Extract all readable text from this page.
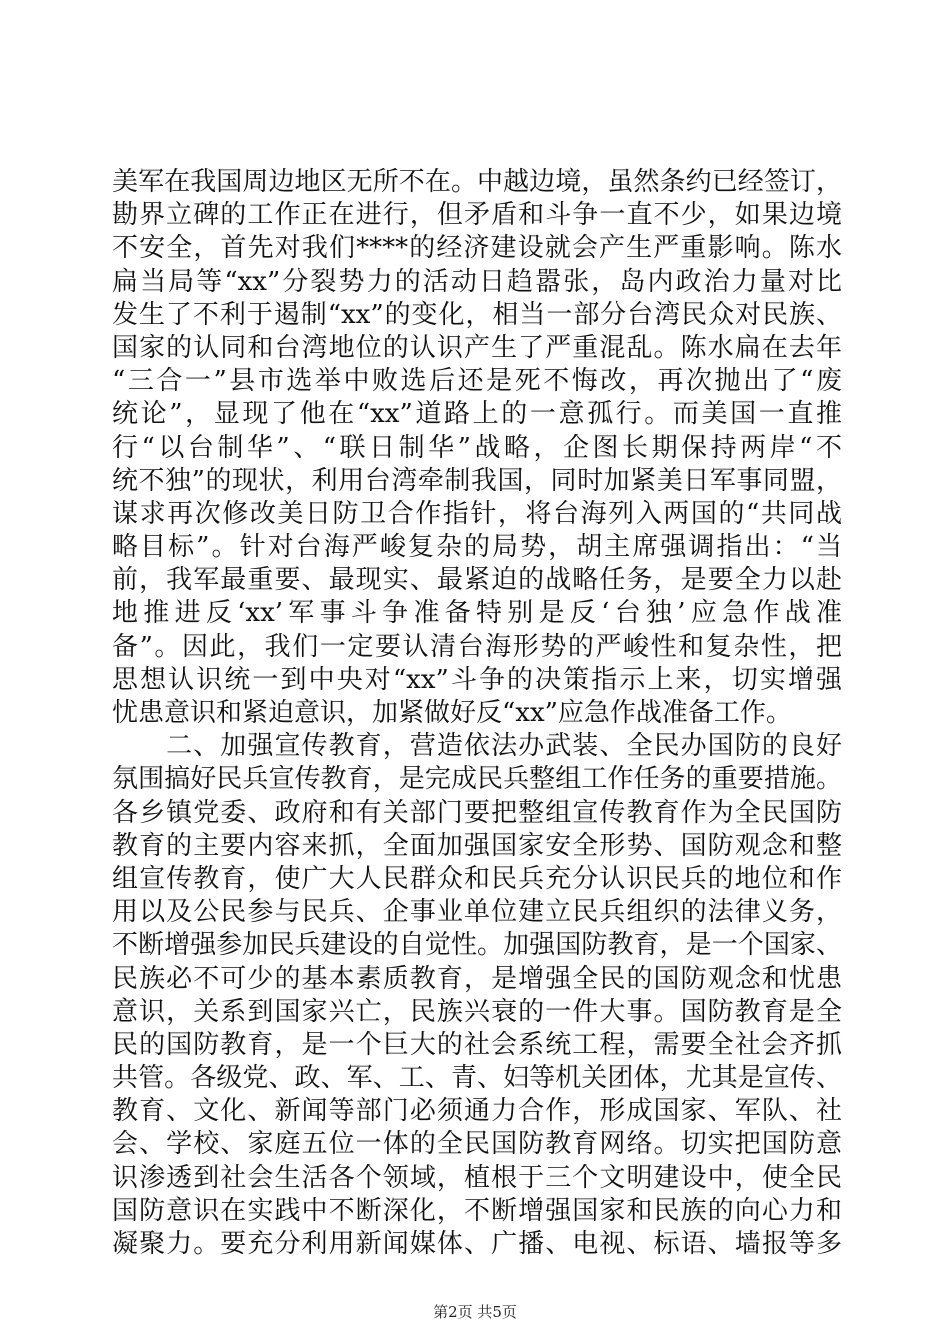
美军在我国周边地区无所不在。中越边境，虽然条约已经签订，
勘界立碑的工作正在进行，但矛盾和斗争一直不少，如果边境
不安全，首先对我们****的经济建设就会产生严重影响。陈水
扁当局等“xx”分裂势力的活动日趋嚣张，岛内政治力量对比
发生了不利于遏制“xx”的变化，相当一部分台湾民众对民族、
国家的认同和台湾地位的认识产生了严重混乱。陈水扁在去年
“三合一”县市选举中败选后还是死不悔改，再次抛出了“废
统论”，显现了他在“xx”道路上的一意孤行。而美国一直推
行“以台制华”、“联日制华”战略，企图长期保持两岸“不
统不独”的现状，利用台湾牵制我国，同时加紧美日军事同盟，
谋求再次修改美日防卫合作指针，将台海列入两国的“共同战
略目标”。针对台海严峻复杂的局势，胡主席强调指出：“当
前，我军最重要、最现实、最紧迫的战略任务，是要全力以赴
地推进反‘xx’军事斗争准备特别是反‘台独’应急作战准
备”。因此，我们一定要认清台海形势的严峻性和复杂性，把
思想认识统一到中央对“xx”斗争的决策指示上来，切实增强
忧患意识和紧迫意识，加紧做好反“xx”应急作战准备工作。
　　二、加强宣传教育，营造依法办武装、全民办国防的良好
氛围搞好民兵宣传教育，是完成民兵整组工作任务的重要措施。
各乡镇党委、政府和有关部门要把整组宣传教育作为全民国防
教育的主要内容来抓，全面加强国家安全形势、国防观念和整
组宣传教育，使广大人民群众和民兵充分认识民兵的地位和作
用以及公民参与民兵、企事业单位建立民兵组织的法律义务，
不断增强参加民兵建设的自觉性。加强国防教育，是一个国家、
民族必不可少的基本素质教育，是增强全民的国防观念和忧患
意识，关系到国家兴亡，民族兴衰的一件大事。国防教育是全
民的国防教育，是一个巨大的社会系统工程，需要全社会齐抓
共管。各级党、政、军、工、青、妇等机关团体，尤其是宣传、
教育、文化、新闻等部门必须通力合作，形成国家、军队、社
会、学校、家庭五位一体的全民国防教育网络。切实把国防意
识渗透到社会生活各个领域，植根于三个文明建设中，使全民
国防意识在实践中不断深化，不断增强国家和民族的向心力和
凝聚力。要充分利用新闻媒体、广播、电视、标语、墙报等多
第2页 共5页
